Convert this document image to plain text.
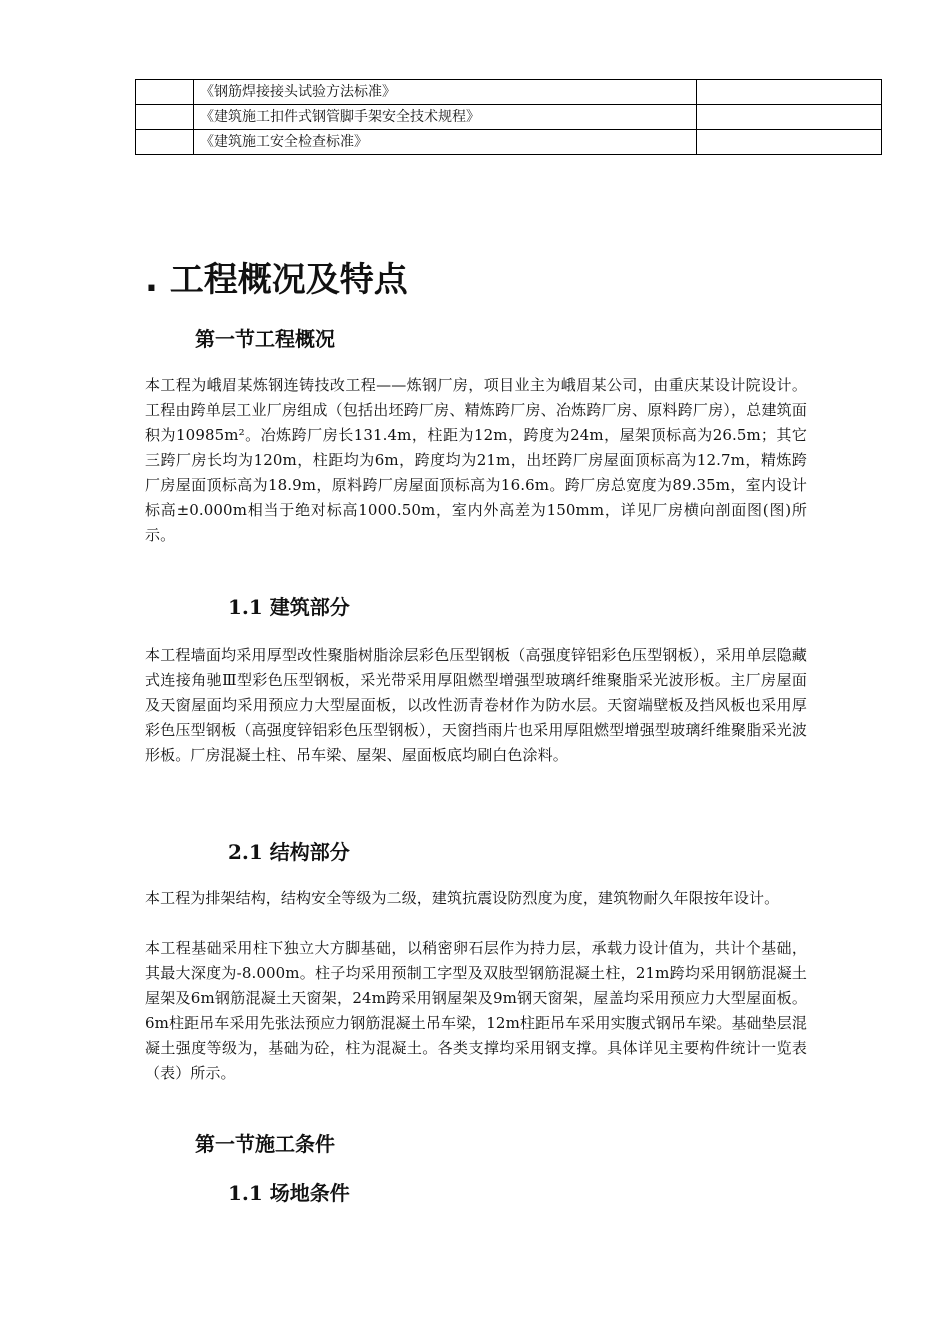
	《钢筋焊接接头试验方法标准》	
	《建筑施工扣件式钢管脚手架安全技术规程》	
	《建筑施工安全检查标准》	
. 工程概况及特点
第一节工程概况

本工程为峨眉某炼钢连铸技改工程——炼钢厂房，项目业主为峨眉某公司，由重庆某设计院设计。工程由跨单层工业厂房组成（包括出坯跨厂房、精炼跨厂房、冶炼跨厂房、原料跨厂房），总建筑面积为10985m²。冶炼跨厂房长131.4m，柱距为12m，跨度为24m，屋架顶标高为26.5m；其它三跨厂房长均为120m，柱距均为6m，跨度均为21m，出坯跨厂房屋面顶标高为12.7m，精炼跨厂房屋面顶标高为18.9m，原料跨厂房屋面顶标高为16.6m。跨厂房总宽度为89.35m，室内设计标高±0.000m相当于绝对标高1000.50m，室内外高差为150mm，详见厂房横向剖面图(图)所示。

1.1 建筑部分

本工程墙面均采用厚型改性聚脂树脂涂层彩色压型钢板（高强度锌铝彩色压型钢板），采用单层隐藏式连接角驰Ⅲ型彩色压型钢板，采光带采用厚阻燃型增强型玻璃纤维聚脂采光波形板。主厂房屋面及天窗屋面均采用预应力大型屋面板，以改性沥青卷材作为防水层。天窗端壁板及挡风板也采用厚彩色压型钢板（高强度锌铝彩色压型钢板），天窗挡雨片也采用厚阻燃型增强型玻璃纤维聚脂采光波形板。厂房混凝土柱、吊车梁、屋架、屋面板底均刷白色涂料。

2.1 结构部分

本工程为排架结构，结构安全等级为二级，建筑抗震设防烈度为度，建筑物耐久年限按年设计。

本工程基础采用柱下独立大方脚基础，以稍密卵石层作为持力层，承载力设计值为，共计个基础，其最大深度为-8.000m。柱子均采用预制工字型及双肢型钢筋混凝土柱，21m跨均采用钢筋混凝土屋架及6m钢筋混凝土天窗架，24m跨采用钢屋架及9m钢天窗架，屋盖均采用预应力大型屋面板。6m柱距吊车采用先张法预应力钢筋混凝土吊车梁，12m柱距吊车采用实腹式钢吊车梁。基础垫层混凝土强度等级为，基础为砼，柱为混凝土。各类支撑均采用钢支撑。具体详见主要构件统计一览表（表）所示。

第一节施工条件
1.1 场地条件
